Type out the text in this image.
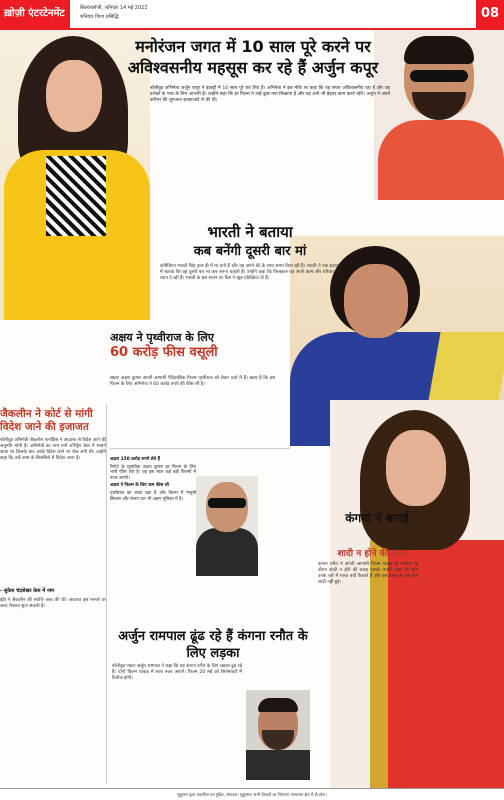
ख़ोज़ी एंटरटेनमेंट	सिल्वरलॉजी, शनिवार 14 मई 2022
शनिवार विश्व प्रसिद्धि	08
मनोरंजन जगत में 10 साल पूरे करने पर अविश्वसनीय महसूस कर रहे हैं अर्जुन कपूर
बॉलीवुड अभिनेता अर्जुन कपूर ने इंडस्ट्री में 10 साल पूरे कर लिए हैं। अभिनेता ने इस मौके पर कहा कि यह सफर अविश्वसनीय रहा है और वह दर्शकों के प्यार के लिए आभारी हैं। उन्होंने कहा कि हर फिल्म ने उन्हें कुछ नया सिखाया है और वह आगे भी बेहतर काम करते रहेंगे। अर्जुन ने अपने करियर की शुरुआत इशकजादे से की थी।
भारती ने बताया
कब बनेंगी दूसरी बार मां
कॉमेडियन भारती सिंह हाल ही में मां बनी हैं और वह अपने बेटे के साथ समय बिता रही हैं। भारती ने एक इंटरव्यू में बताया कि वह दूसरी बार मां कब बनना चाहती हैं। उन्होंने कहा कि फिलहाल वह अपने काम और परिवार पर ध्यान दे रही हैं। भारती के इस बयान पर फैंस ने खूब प्रतिक्रिया दी है।
अक्षय ने पृथ्वीराज के लिए
60 करोड़ फीस वसूली
सम्राट अक्षय कुमार अपनी आगामी ऐतिहासिक फिल्म पृथ्वीराज को लेकर चर्चा में हैं। खबर है कि इस फिल्म के लिए अभिनेता ने 60 करोड़ रुपये की फीस ली है।
अक्षय 150 करोड़ रुपये लेते हैं
रिपोर्ट के मुताबिक अक्षय कुमार हर फिल्म के लिए भारी फीस लेते हैं। वह इस साल कई बड़ी फिल्मों में नजर आएंगे।
अक्षय ने फिल्म के लिए कम फीस ली
पृथ्वीराज का बजट बड़ा है और फिल्म में मानुषी छिल्लर और संजय दत्त भी अहम भूमिका में हैं।
जैकलीन ने कोर्ट से मांगी विदेश जाने की इजाजत
बॉलीवुड अभिनेत्री जैकलीन फर्नांडिस ने अदालत से विदेश जाने की अनुमति मांगी है। अभिनेत्री का नाम मनी लॉन्ड्रिंग केस में सामने आया था जिसके बाद उनके विदेश जाने पर रोक लगी थी। उन्होंने कहा कि उन्हें काम के सिलसिले में विदेश जाना है।
- सुकेश चंद्रशेखर केस में नाम
ईडी ने जैकलीन की संपत्ति जब्त की थी। अदालत इस मामले पर जल्द फैसला सुना सकती है।
कंगना ने बताई
शादी न होने की वजह
कंगना रनौत ने अपनी आगामी फिल्म धाकड़ के प्रमोशन के दौरान शादी न होने की वजह बताई। उन्होंने कहा कि लोग उनके बारे में गलत बातें फैलाते हैं और इस वजह से अब तक शादी नहीं हुई।
अर्जुन रामपाल ढूंढ रहे हैं कंगना रनौत के लिए लड़का
बॉलीवुड एक्टर अर्जुन रामपाल ने कहा कि वह कंगना रनौत के लिए लड़का ढूंढ रहे हैं। दोनों फिल्म धाकड़ में साथ नजर आएंगे। फिल्म 20 मई को सिनेमाघरों में रिलीज होगी।
सुकुमार द्वारा प्रकाशित एवं मुद्रित, संपादक: सुकुमार। सभी विवादों का निपटारा न्यायालय क्षेत्र में ही होगा।
